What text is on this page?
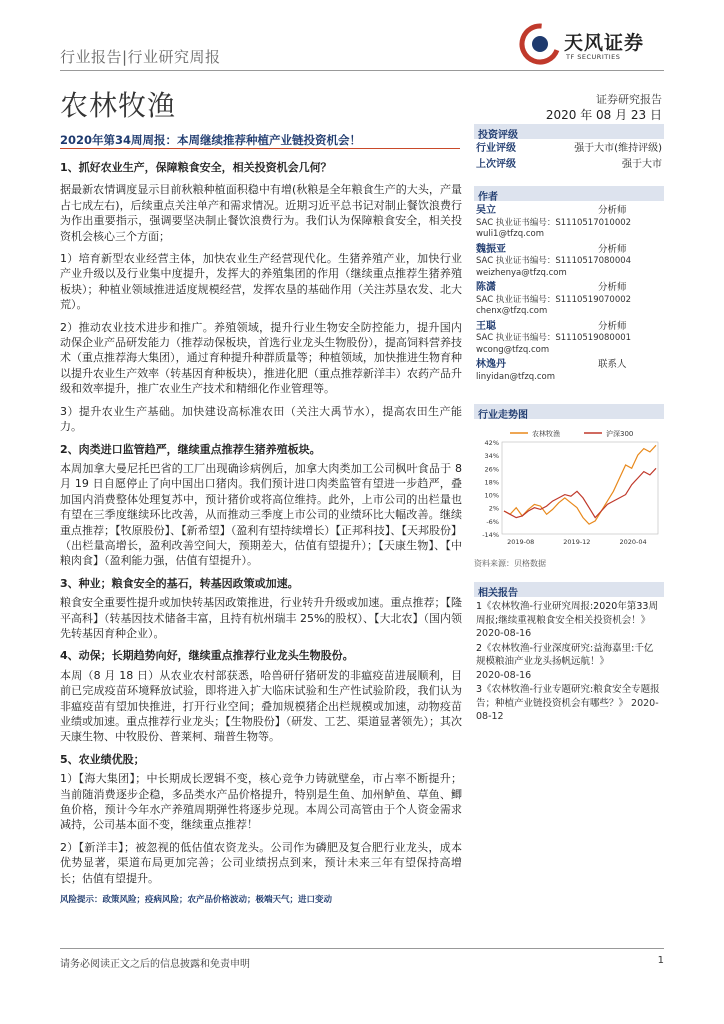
行业报告|行业研究周报
天风证券
TF SECURITIES
农林牧渔	证券研究报告
2020 年 08 月 23 日
2020年第34周周报：本周继续推荐种植产业链投资机会！
1、抓好农业生产，保障粮食安全，相关投资机会几何？

据最新农情调度显示目前秋粮种植面积稳中有增(秋粮是全年粮食生产的大头，产量占七成左右)，后续重点关注单产和需求情况。近期习近平总书记对制止餐饮浪费行为作出重要指示，强调要坚决制止餐饮浪费行为。我们认为保障粮食安全，相关投资机会核心三个方面；

1）培育新型农业经营主体，加快农业生产经营现代化。生猪养殖产业，加快行业产业升级以及行业集中度提升，发挥大的养殖集团的作用（继续重点推荐生猪养殖板块）；种植业领域推进适度规模经营，发挥农垦的基础作用（关注苏垦农发、北大荒）。

2）推动农业技术进步和推广。养殖领域，提升行业生物安全防控能力，提升国内动保企业产品研发能力（推荐动保板块，首选行业龙头生物股份），提高饲料营养技术（重点推荐海大集团），通过育种提升种群质量等；种植领域，加快推进生物育种以提升农业生产效率（转基因育种板块），推进化肥（重点推荐新洋丰）农药产品升级和效率提升，推广农业生产技术和精细化作业管理等。

3）提升农业生产基础。加快建设高标准农田（关注大禹节水），提高农田生产能力。

2、肉类进口监管趋严，继续重点推荐生猪养殖板块。

本周加拿大曼尼托巴省的工厂出现确诊病例后，加拿大肉类加工公司枫叶食品于 8 月 19 日自愿停止了向中国出口猪肉。我们预计进口肉类监管有望进一步趋严，叠加国内消费整体处理复苏中，预计猪价或将高位维持。此外，上市公司的出栏量也有望在三季度继续环比改善，从而推动三季度上市公司的业绩环比大幅改善。继续重点推荐；【牧原股份】、【新希望】（盈利有望持续增长）【正邦科技】、【天邦股份】（出栏量高增长，盈利改善空间大，预期差大，估值有望提升）；【天康生物】、【中粮肉食】（盈利能力强，估值有望提升）。

3、种业；粮食安全的基石，转基因政策或加速。

粮食安全重要性提升或加快转基因政策推进，行业转升升级或加速。重点推荐；【隆平高科】（转基因技术储备丰富，且持有杭州瑞丰 25%的股权）、【大北农】（国内领先转基因育种企业）。

4、动保；长期趋势向好，继续重点推荐行业龙头生物股份。

本周（8 月 18 日）从农业农村部获悉，哈兽研仔猪研发的非瘟疫苗进展顺利，目前已完成疫苗环境释放试验，即将进入扩大临床试验和生产性试验阶段，我们认为非瘟疫苗有望加快推进，打开行业空间；叠加规模猪企出栏规模或加速，动物疫苗业绩或加速。重点推荐行业龙头；【生物股份】（研发、工艺、渠道显著领先）；其次天康生物、中牧股份、普莱柯、瑞普生物等。

5、农业绩优股；

1）【海大集团】；中长期成长逻辑不变，核心竞争力铸就壁垒，市占率不断提升；当前随消费逐步企稳，多品类水产品价格提升，特别是生鱼、加州鲈鱼、草鱼、鲫鱼价格，预计今年水产养殖周期弹性将逐步兑现。本周公司高管由于个人资金需求减持，公司基本面不变，继续重点推荐！

2）【新洋丰】；被忽视的低估值农资龙头。公司作为磷肥及复合肥行业龙头，成本优势显著，渠道布局更加完善；公司业绩拐点到来，预计未来三年有望保持高增长；估值有望提升。

风险提示：政策风险；疫病风险；农产品价格波动；极端天气；进口变动
投资评级
行业评级	强于大市(维持评级)
上次评级	强于大市
作者
吴立	分析师
SAC 执业证书编号：S1110517010002
wuli1@tfzq.com
魏振亚	分析师
SAC 执业证书编号：S1110517080004
weizhenya@tfzq.com
陈潇	分析师
SAC 执业证书编号：S1110519070002
chenx@tfzq.com
王聪	分析师
SAC 执业证书编号：S1110519080001
wcong@tfzq.com
林逸丹	联系人
linyidan@tfzq.com
行业走势图
42%
34%
26%
18%
10%
2%
-6%
-14%
2019-08	2019-12	2020-04
农林牧渔	沪深300
资料来源：贝格数据
相关报告
1《农林牧渔-行业研究周报:2020年第33周周报;继续重视粮食安全相关投资机会！》 2020-08-16
2《农林牧渔-行业深度研究:益海嘉里:千亿规模粮油产业龙头扬帆远航！》
2020-08-16
3《农林牧渔-行业专题研究:粮食安全专题报告；种植产业链投资机会有哪些？》 2020-08-12
请务必阅读正文之后的信息披露和免责申明	1
